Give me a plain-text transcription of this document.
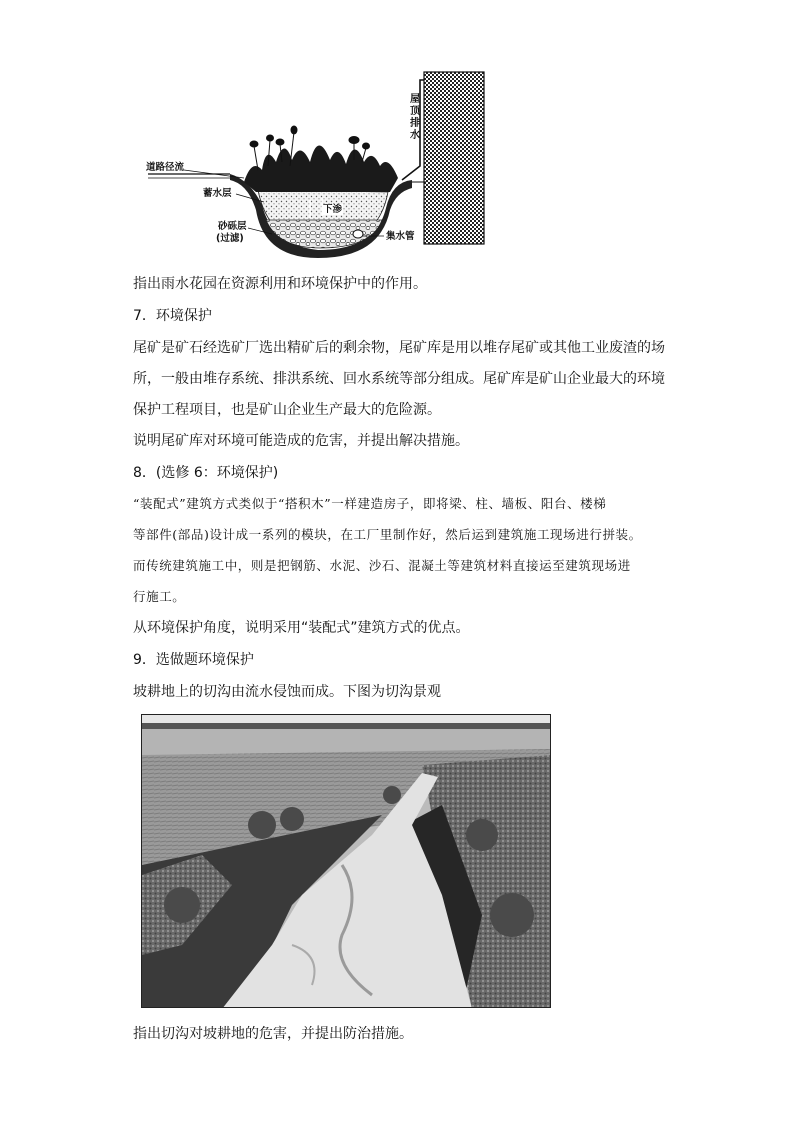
道路径流
蓄水层
下渗
砂砾层
(过滤)	集水管
屋顶排水
指出雨水花园在资源利用和环境保护中的作用。
7．环境保护
尾矿是矿石经选矿厂选出精矿后的剩余物，尾矿库是用以堆存尾矿或其他工业废渣的场
所，一般由堆存系统、排洪系统、回水系统等部分组成。尾矿库是矿山企业最大的环境
保护工程项目，也是矿山企业生产最大的危险源。
说明尾矿库对环境可能造成的危害，并提出解决措施。
8．(选修 6：环境保护)
“装配式”建筑方式类似于“搭积木”一样建造房子，即将梁、柱、墙板、阳台、楼梯
等部件(部品)设计成一系列的模块，在工厂里制作好，然后运到建筑施工现场进行拼装。
而传统建筑施工中，则是把钢筋、水泥、沙石、混凝土等建筑材料直接运至建筑现场进
行施工。
从环境保护角度，说明采用“装配式”建筑方式的优点。
9．选做题环境保护
坡耕地上的切沟由流水侵蚀而成。下图为切沟景观
指出切沟对坡耕地的危害，并提出防治措施。
